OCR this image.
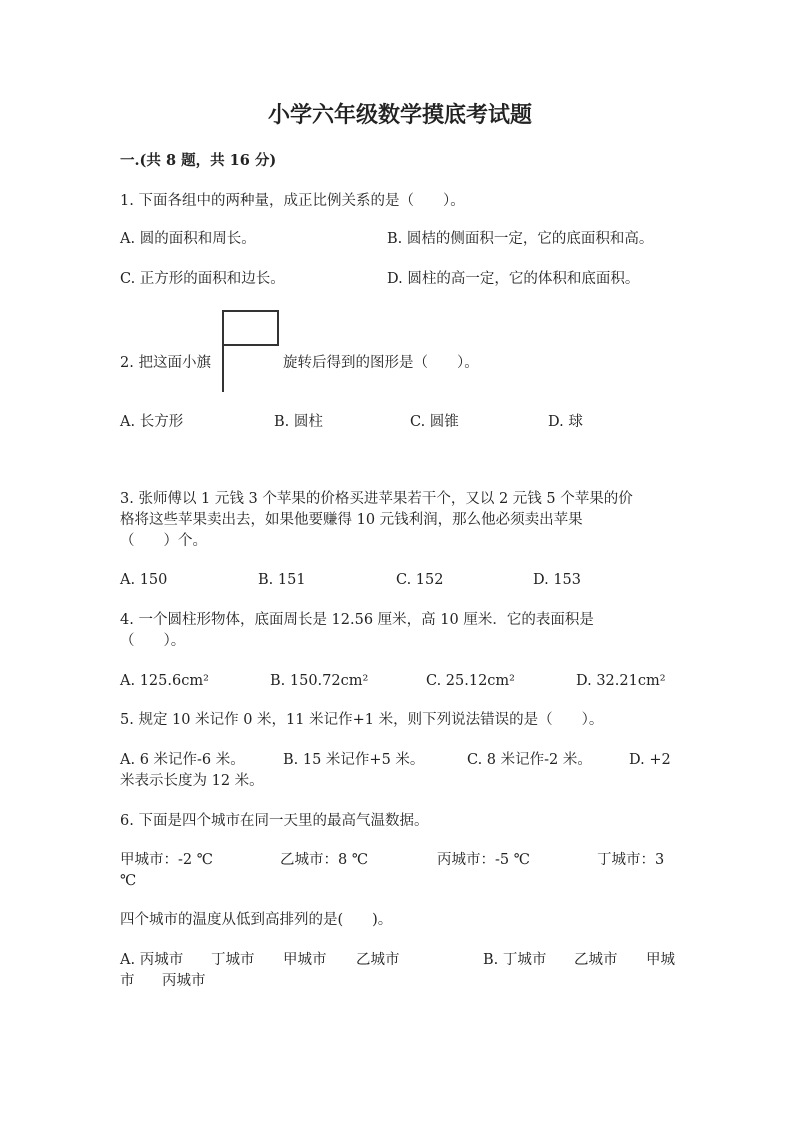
小学六年级数学摸底考试题
一.(共 8 题，共 16 分)
1. 下面各组中的两种量，成正比例关系的是（　　）。
A. 圆的面积和周长。	B. 圆桔的侧面积一定，它的底面积和高。
C. 正方形的面积和边长。	D. 圆柱的高一定，它的体积和底面积。
2. 把这面小旗	旋转后得到的图形是（　　）。
A. 长方形	B. 圆柱	C. 圆锥	D. 球
3. 张师傅以 1 元钱 3 个苹果的价格买进苹果若干个，又以 2 元钱 5 个苹果的价
格将这些苹果卖出去，如果他要赚得 10 元钱利润，那么他必须卖出苹果
（　　）个。
A. 150	B. 151	C. 152	D. 153
4. 一个圆柱形物体，底面周长是 12.56 厘米，高 10 厘米．它的表面积是
（　　）。
A. 125.6cm²	B. 150.72cm²	C. 25.12cm²	D. 32.21cm²
5. 规定 10 米记作 0 米，11 米记作+1 米，则下列说法错误的是（　　）。
A. 6 米记作-6 米。	B. 15 米记作+5 米。	C. 8 米记作-2 米。	D. +2
米表示长度为 12 米。
6. 下面是四个城市在同一天里的最高气温数据。
甲城市：-2 ℃	乙城市：8 ℃	丙城市：-5 ℃	丁城市：3
℃
四个城市的温度从低到高排列的是(　　)。
A. 丙城市 丁城市 甲城市 乙城市	B. 丁城市 乙城市 甲城
市 丙城市
